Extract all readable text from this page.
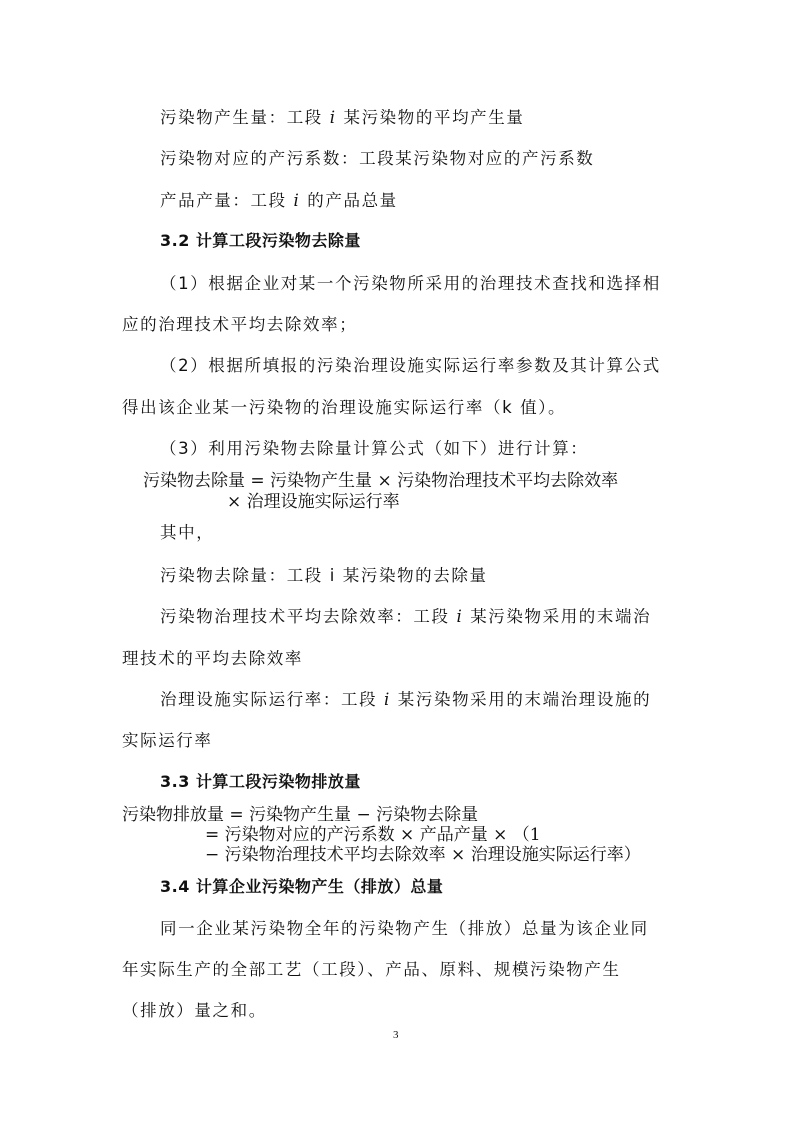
污染物产生量：工段 i 某污染物的平均产生量
污染物对应的产污系数：工段某污染物对应的产污系数
产品产量：工段 i 的产品总量
3.2 计算工段污染物去除量
（1）根据企业对某一个污染物所采用的治理技术查找和选择相
应的治理技术平均去除效率；
（2）根据所填报的污染治理设施实际运行率参数及其计算公式
得出该企业某一污染物的治理设施实际运行率（k 值）。
（3）利用污染物去除量计算公式（如下）进行计算：
污染物去除量 = 污染物产生量 × 污染物治理技术平均去除效率
× 治理设施实际运行率
其中，
污染物去除量：工段 i 某污染物的去除量
污染物治理技术平均去除效率：工段 i 某污染物采用的末端治
理技术的平均去除效率
治理设施实际运行率：工段 i 某污染物采用的末端治理设施的
实际运行率
3.3 计算工段污染物排放量
污染物排放量 = 污染物产生量 − 污染物去除量
= 污染物对应的产污系数 × 产品产量 × （1
− 污染物治理技术平均去除效率 × 治理设施实际运行率）
3.4 计算企业污染物产生（排放）总量
同一企业某污染物全年的污染物产生（排放）总量为该企业同
年实际生产的全部工艺（工段）、产品、原料、规模污染物产生
（排放）量之和。
3
